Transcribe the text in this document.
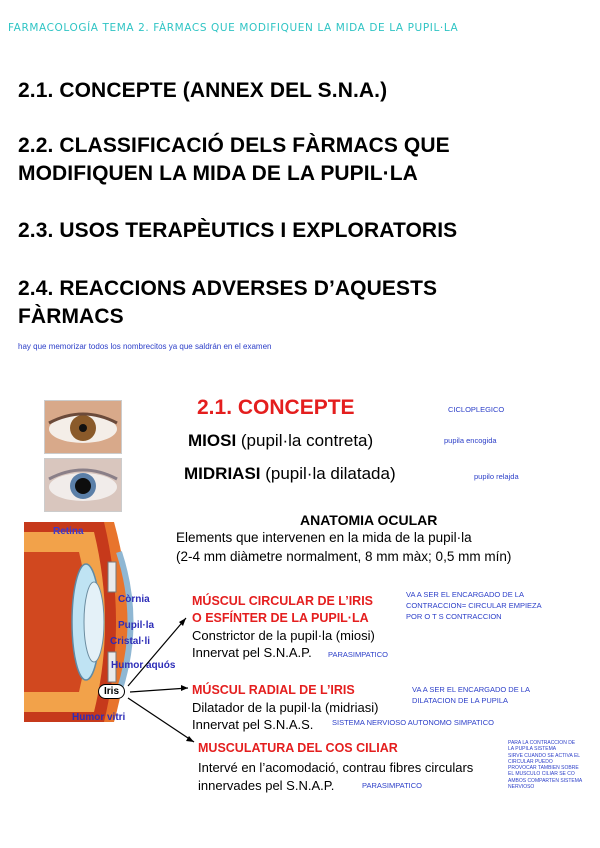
FARMACOLOGÍA TEMA 2. FÀRMACS QUE MODIFIQUEN LA MIDA DE LA PUPIL·LA
2.1. CONCEPTE (ANNEX DEL S.N.A.)
2.2. CLASSIFICACIÓ DELS FÀRMACS QUE
MODIFIQUEN LA MIDA DE LA PUPIL·LA
2.3. USOS TERAPÈUTICS I EXPLORATORIS
2.4. REACCIONS ADVERSES D’AQUESTS
FÀRMACS
hay que memorizar todos los nombrecitos ya que saldrán en el examen
2.1. CONCEPTE	CICLOPLEGICO
MIOSI (pupil·la contreta)	pupila encogida
MIDRIASI (pupil·la dilatada)	pupilo relajda
ANATOMIA OCULAR
Elements que intervenen en la mida de la pupil·la
(2-4 mm diàmetre normalment, 8 mm màx; 0,5 mm mín)
Retina
Còrnia
Pupil·la
Cristal·li
Humor aquós
Iris
Humor vitri
MÚSCUL CIRCULAR DE L’IRIS
O ESFÍNTER DE LA PUPIL·LA
Constrictor de la pupil·la (miosi)
Innervat pel S.N.A.P. PARASIMPATICO
VA A SER EL ENCARGADO DE LA
CONTRACCION= CIRCULAR EMPIEZA
POR O T S CONTRACCION
MÚSCUL RADIAL DE L’IRIS
Dilatador de la pupil·la (midriasi)
Innervat pel S.N.A.S. SISTEMA NERVIOSO AUTONOMO SIMPATICO
VA A SER EL ENCARGADO DE LA
DILATACION DE LA PUPILA
MUSCULATURA DEL COS CILIAR
Intervé en l’acomodació, contrau fibres circulars
innervades pel S.N.A.P.	PARASIMPATICO
PARA LA CONTRACCION DE
LA PUPILA SISTEMA
SIRVE CUANDO SE ACTIVA EL
CIRCULAR PUEDO
PROVOCAR TAMBIEN SOBRE
EL MUSCULO CILIAR SE CO
AMBOS COMPARTEN SISTEMA
NERVIOSO
